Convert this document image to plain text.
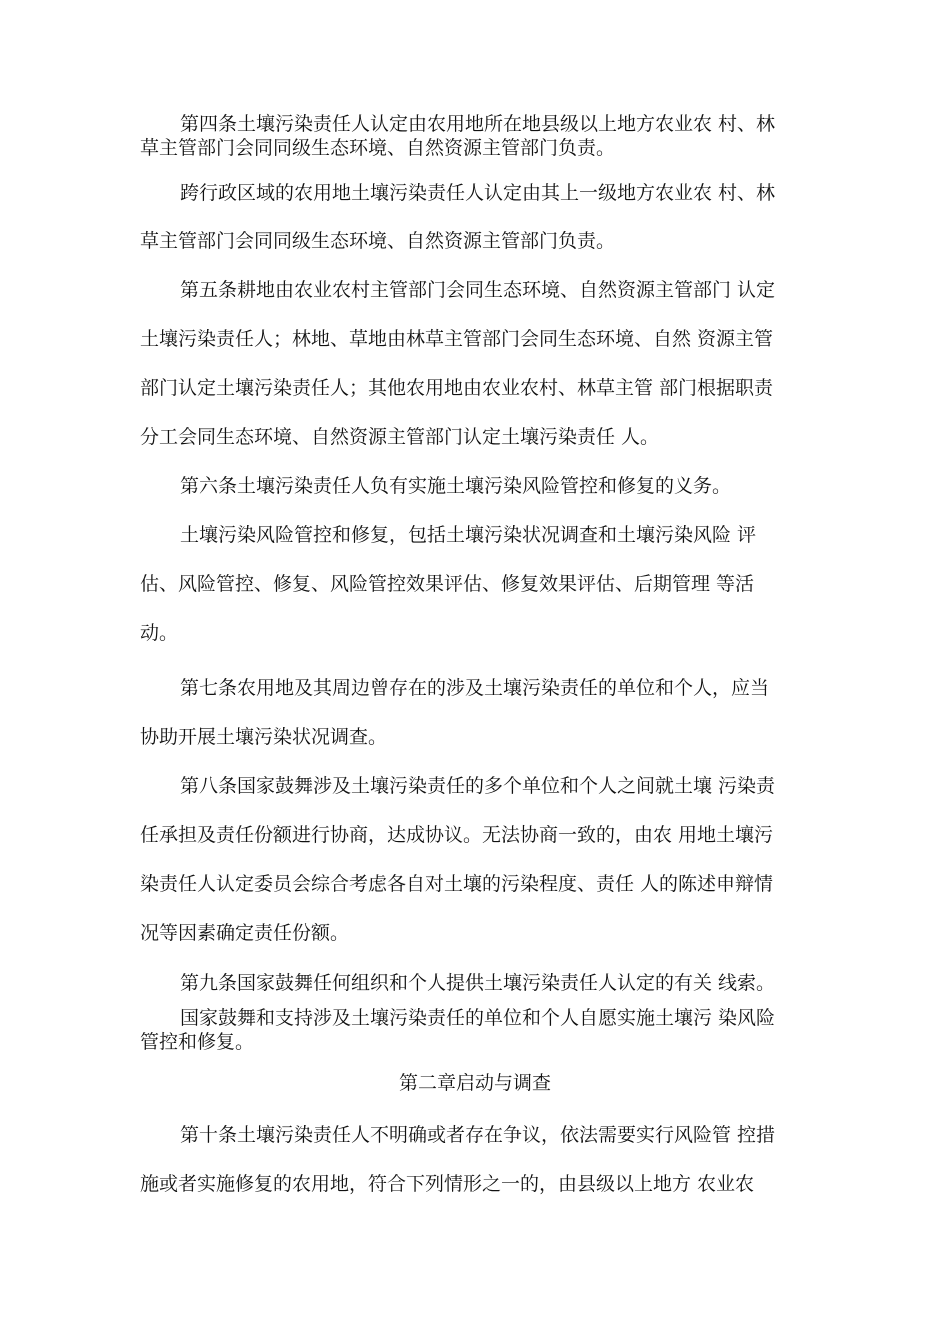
第四条土壤污染责任人认定由农用地所在地县级以上地方农业农 村、林
草主管部门会同同级生态环境、自然资源主管部门负责。
跨行政区域的农用地土壤污染责任人认定由其上一级地方农业农 村、林
草主管部门会同同级生态环境、自然资源主管部门负责。
第五条耕地由农业农村主管部门会同生态环境、自然资源主管部门 认定
土壤污染责任人；林地、草地由林草主管部门会同生态环境、自然 资源主管
部门认定土壤污染责任人；其他农用地由农业农村、林草主管 部门根据职责
分工会同生态环境、自然资源主管部门认定土壤污染责任 人。
第六条土壤污染责任人负有实施土壤污染风险管控和修复的义务。
土壤污染风险管控和修复，包括土壤污染状况调查和土壤污染风险 评
估、风险管控、修复、风险管控效果评估、修复效果评估、后期管理 等活
动。
第七条农用地及其周边曾存在的涉及土壤污染责任的单位和个人，应当
协助开展土壤污染状况调查。
第八条国家鼓舞涉及土壤污染责任的多个单位和个人之间就土壤 污染责
任承担及责任份额进行协商，达成协议。无法协商一致的，由农 用地土壤污
染责任人认定委员会综合考虑各自对土壤的污染程度、责任 人的陈述申辩情
况等因素确定责任份额。
第九条国家鼓舞任何组织和个人提供土壤污染责任人认定的有关 线索。
国家鼓舞和支持涉及土壤污染责任的单位和个人自愿实施土壤污 染风险
管控和修复。
第二章启动与调查
第十条土壤污染责任人不明确或者存在争议，依法需要实行风险管 控措
施或者实施修复的农用地，符合下列情形之一的，由县级以上地方 农业农
